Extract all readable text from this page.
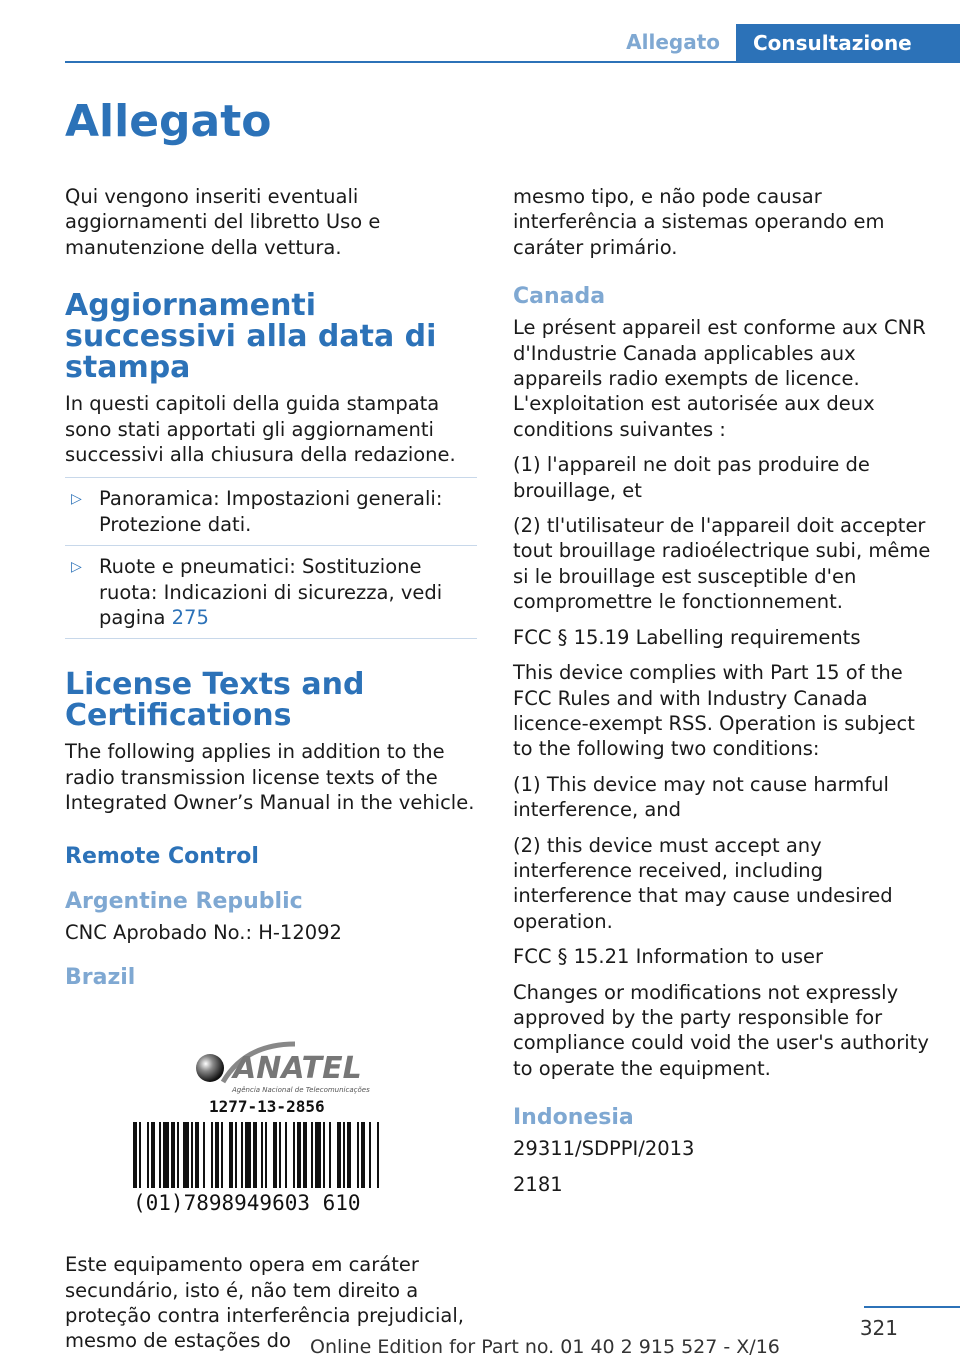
Allegato Consultazione
Allegato

Qui vengono inseriti eventuali aggiornamenti del libretto Uso e manutenzione della vettura.

Aggiornamenti successivi alla data di stampa

In questi capitoli della guida stampata sono stati apportati gli aggiornamenti successivi alla chiusura della redazione.

▷ Panoramica: Impostazioni generali: Protezione dati.
▷ Ruote e pneumatici: Sostituzione ruota: Indicazioni di sicurezza, vedi pagina 275
License Texts and Certifications

The following applies in addition to the radio transmission license texts of the Integrated Owner’s Manual in the vehicle.

Remote Control
Argentine Republic

CNC Aprobado No.: H-12092

Brazil
ANATEL
Agência Nacional de Telecomunicações
1277-13-2856
(01)7898949603 610

Este equipamento opera em caráter secundário, isto é, não tem direito a proteção contra interferência prejudicial, mesmo de estações do

mesmo tipo, e não pode causar interferência a sistemas operando em caráter primário.

Canada

Le présent appareil est conforme aux CNR d'Industrie Canada applicables aux appareils radio exempts de licence. L'exploitation est autorisée aux deux conditions suivantes :

(1) l'appareil ne doit pas produire de brouillage, et

(2) tl'utilisateur de l'appareil doit accepter tout brouillage radioélectrique subi, même si le brouillage est susceptible d'en compromettre le fonctionnement.

FCC § 15.19 Labelling requirements

This device complies with Part 15 of the FCC Rules and with Industry Canada licence-exempt RSS. Operation is subject to the following two conditions:

(1) This device may not cause harmful interference, and

(2) this device must accept any interference received, including interference that may cause undesired operation.

FCC § 15.21 Information to user

Changes or modifications not expressly approved by the party responsible for compliance could void the user's authority to operate the equipment.

Indonesia

29311/SDPPI/2013

2181

321
Online Edition for Part no. 01 40 2 915 527 - X/16
